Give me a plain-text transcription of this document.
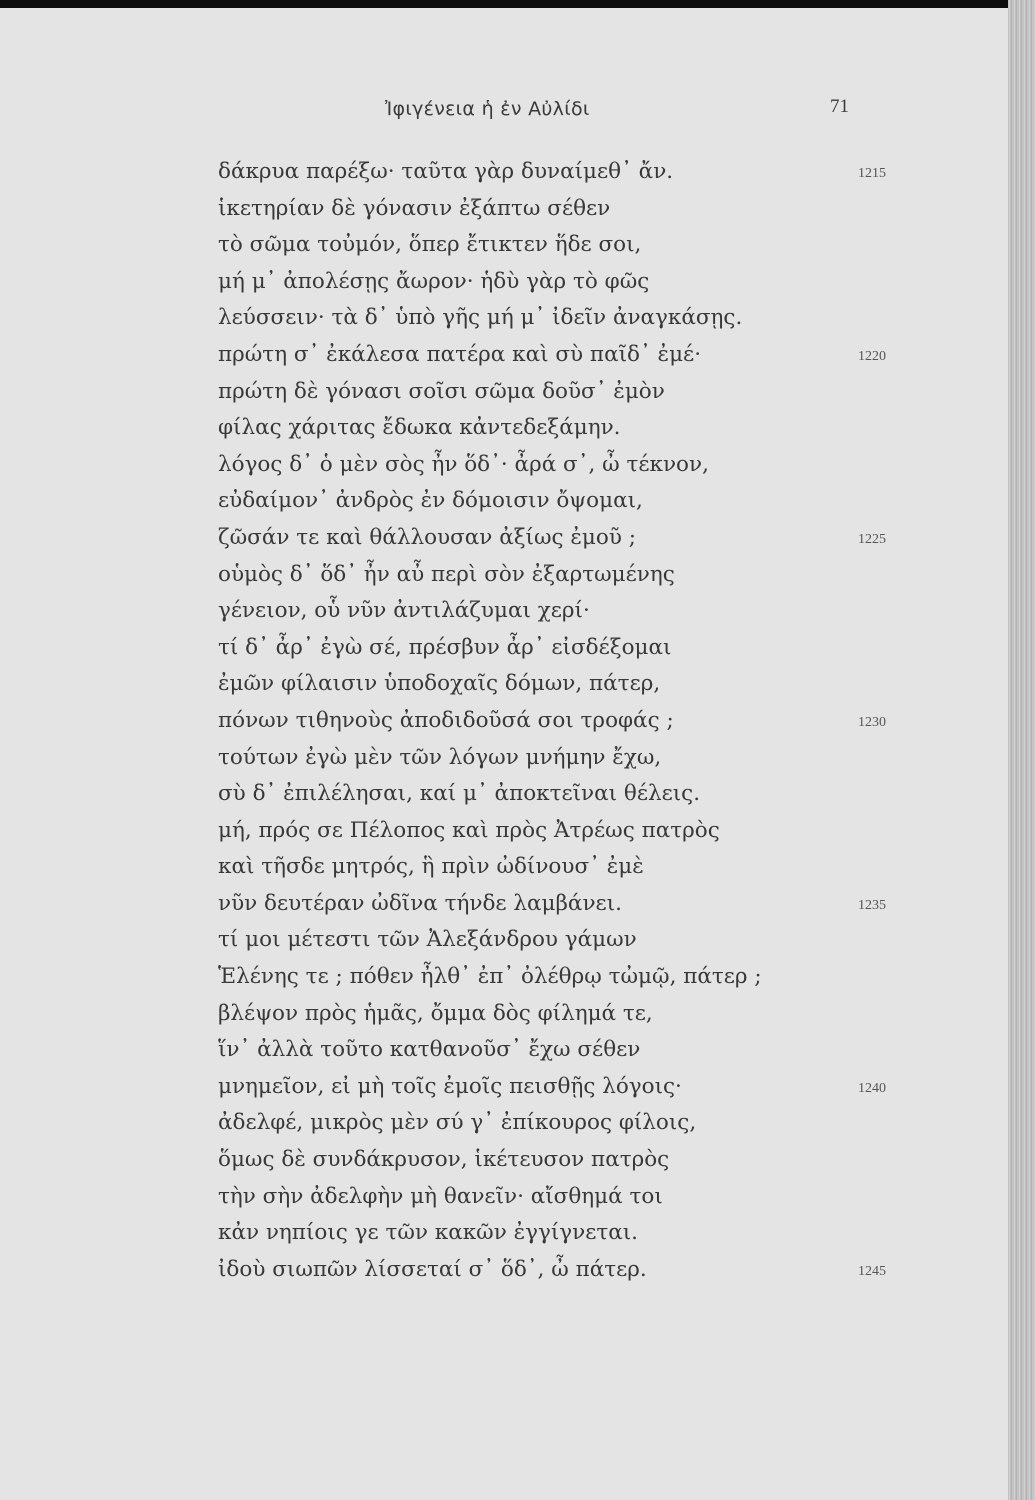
Ἰφιγένεια ἡ ἐν Αὐλίδι	71
δάκρυα παρέξω· ταῦτα γὰρ δυναίμεθ᾽ ἄν.	1215
ἱκετηρίαν δὲ γόνασιν ἐξάπτω σέθεν
τὸ σῶμα τοὐμόν, ὅπερ ἔτικτεν ἥδε σοι,
μή μ᾽ ἀπολέσῃς ἄωρον· ἡδὺ γὰρ τὸ φῶς
λεύσσειν· τὰ δ᾽ ὑπὸ γῆς μή μ᾽ ἰδεῖν ἀναγκάσῃς.
πρώτη σ᾽ ἐκάλεσα πατέρα καὶ σὺ παῖδ᾽ ἐμέ·	1220
πρώτη δὲ γόνασι σοῖσι σῶμα δοῦσ᾽ ἐμὸν
φίλας χάριτας ἔδωκα κἀντεδεξάμην.
λόγος δ᾽ ὁ μὲν σὸς ἦν ὅδ᾽· ἆρά σ᾽, ὦ τέκνον,
εὐδαίμον᾽ ἀνδρὸς ἐν δόμοισιν ὄψομαι,
ζῶσάν τε καὶ θάλλουσαν ἀξίως ἐμοῦ ;	1225
οὑμὸς δ᾽ ὅδ᾽ ἦν αὖ περὶ σὸν ἐξαρτωμένης
γένειον, οὗ νῦν ἀντιλάζυμαι χερί·
τί δ᾽ ἆρ᾽ ἐγὼ σέ, πρέσβυν ἆρ᾽ εἰσδέξομαι
ἐμῶν φίλαισιν ὑποδοχαῖς δόμων, πάτερ,
πόνων τιθηνοὺς ἀποδιδοῦσά σοι τροφάς ;	1230
τούτων ἐγὼ μὲν τῶν λόγων μνήμην ἔχω,
σὺ δ᾽ ἐπιλέλησαι, καί μ᾽ ἀποκτεῖναι θέλεις.
μή, πρός σε Πέλοπος καὶ πρὸς Ἀτρέως πατρὸς
καὶ τῆσδε μητρός, ἣ πρὶν ὠδίνουσ᾽ ἐμὲ
νῦν δευτέραν ὠδῖνα τήνδε λαμβάνει.	1235
τί μοι μέτεστι τῶν Ἀλεξάνδρου γάμων
Ἑλένης τε ; πόθεν ἦλθ᾽ ἐπ᾽ ὀλέθρῳ τὠμῷ, πάτερ ;
βλέψον πρὸς ἡμᾶς, ὄμμα δὸς φίλημά τε,
ἵν᾽ ἀλλὰ τοῦτο κατθανοῦσ᾽ ἔχω σέθεν
μνημεῖον, εἰ μὴ τοῖς ἐμοῖς πεισθῇς λόγοις·	1240
ἀδελφέ, μικρὸς μὲν σύ γ᾽ ἐπίκουρος φίλοις,
ὅμως δὲ συνδάκρυσον, ἱκέτευσον πατρὸς
τὴν σὴν ἀδελφὴν μὴ θανεῖν· αἴσθημά τοι
κἀν νηπίοις γε τῶν κακῶν ἐγγίγνεται.
ἰδοὺ σιωπῶν λίσσεταί σ᾽ ὅδ᾽, ὦ πάτερ.	1245
